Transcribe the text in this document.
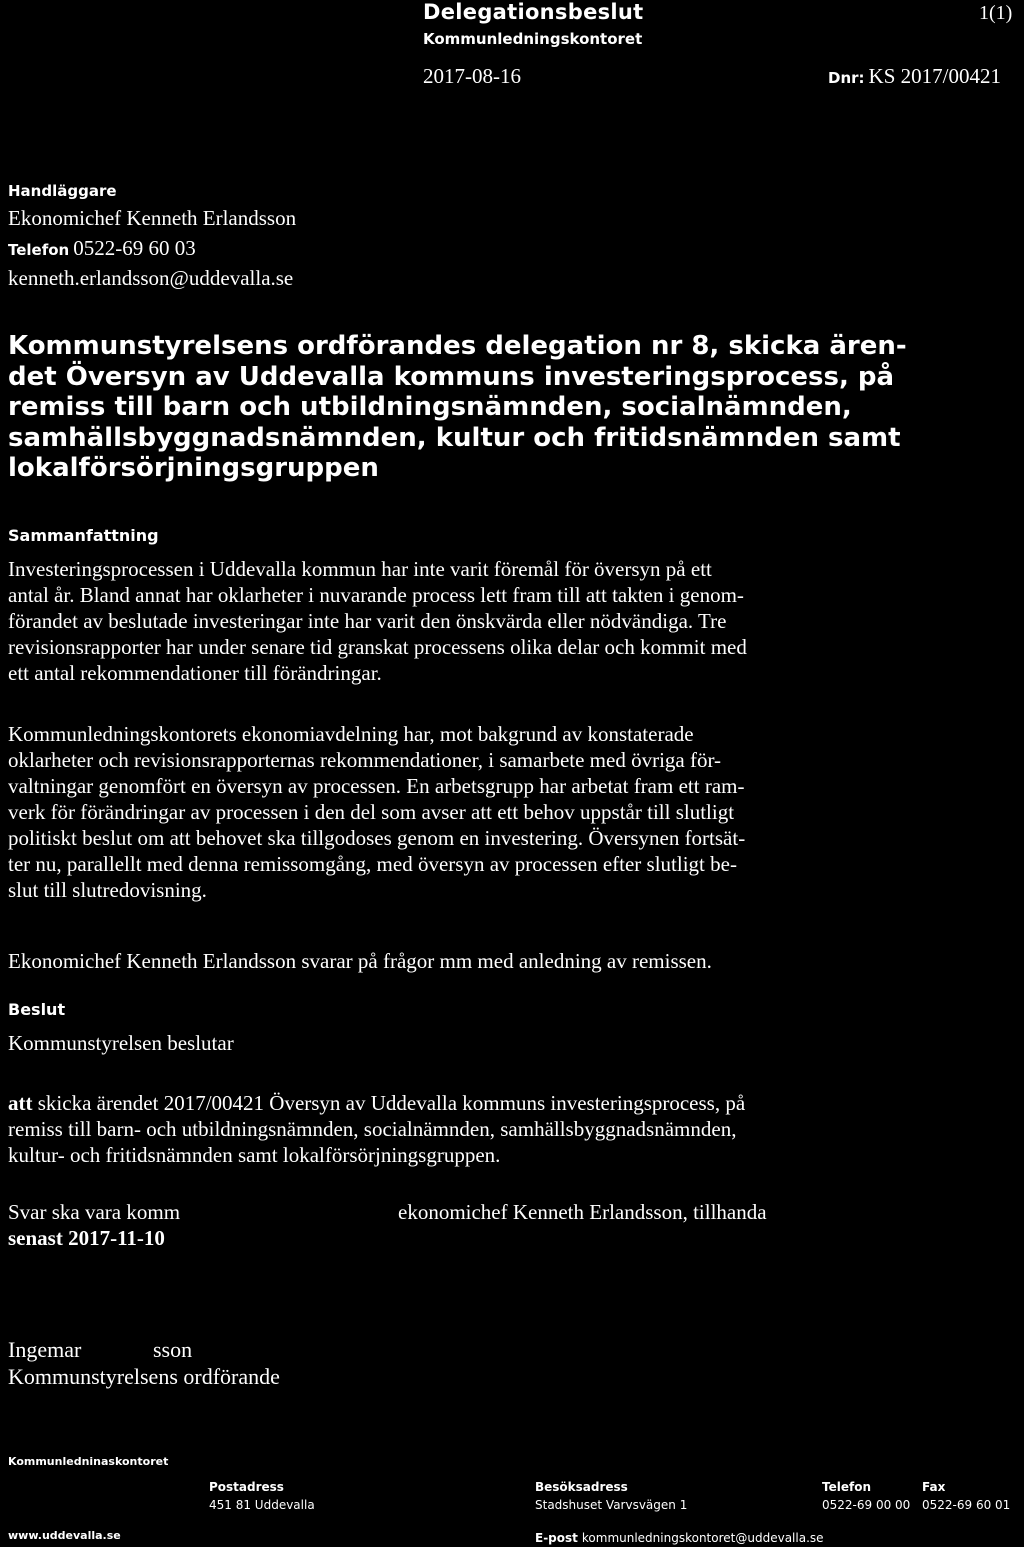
Delegationsbeslut
Kommunledningskontoret
1(1)
2017-08-16	Dnr: KS 2017/00421
Handläggare
Ekonomichef Kenneth Erlandsson
Telefon 0522-69 60 03
kenneth.erlandsson@uddevalla.se
Kommunstyrelsens ordförandes delegation nr 8, skicka ären-
det Översyn av Uddevalla kommuns investeringsprocess, på
remiss till barn och utbildningsnämnden, socialnämnden,
samhällsbyggnadsnämnden, kultur och fritidsnämnden samt
lokalförsörjningsgruppen
Sammanfattning
Investeringsprocessen i Uddevalla kommun har inte varit föremål för översyn på ett
antal år. Bland annat har oklarheter i nuvarande process lett fram till att takten i genom-
förandet av beslutade investeringar inte har varit den önskvärda eller nödvändiga. Tre
revisionsrapporter har under senare tid granskat processens olika delar och kommit med
ett antal rekommendationer till förändringar.
Kommunledningskontorets ekonomiavdelning har, mot bakgrund av konstaterade
oklarheter och revisionsrapporternas rekommendationer, i samarbete med övriga för-
valtningar genomfört en översyn av processen. En arbetsgrupp har arbetat fram ett ram-
verk för förändringar av processen i den del som avser att ett behov uppstår till slutligt
politiskt beslut om att behovet ska tillgodoses genom en investering. Översynen fortsät-
ter nu, parallellt med denna remissomgång, med översyn av processen efter slutligt be-
slut till slutredovisning.
Ekonomichef Kenneth Erlandsson svarar på frågor mm med anledning av remissen.
Beslut
Kommunstyrelsen beslutar
att skicka ärendet 2017/00421 Översyn av Uddevalla kommuns investeringsprocess, på
remiss till barn- och utbildningsnämnden, socialnämnden, samhällsbyggnadsnämnden,
kultur- och fritidsnämnden samt lokalförsörjningsgruppen.
Svar ska vara komm	ekonomichef Kenneth Erlandsson, tillhanda
senast 2017-11-10
Ingemar	sson
Kommunstyrelsens ordförande
Kommunledninaskontoret
Postadress
451 81 Uddevalla
Besöksadress
Stadshuset Varvsvägen 1
Telefon
0522-69 00 00
Fax
0522-69 60 01
www.uddevalla.se	E-post kommunledningskontoret@uddevalla.se
